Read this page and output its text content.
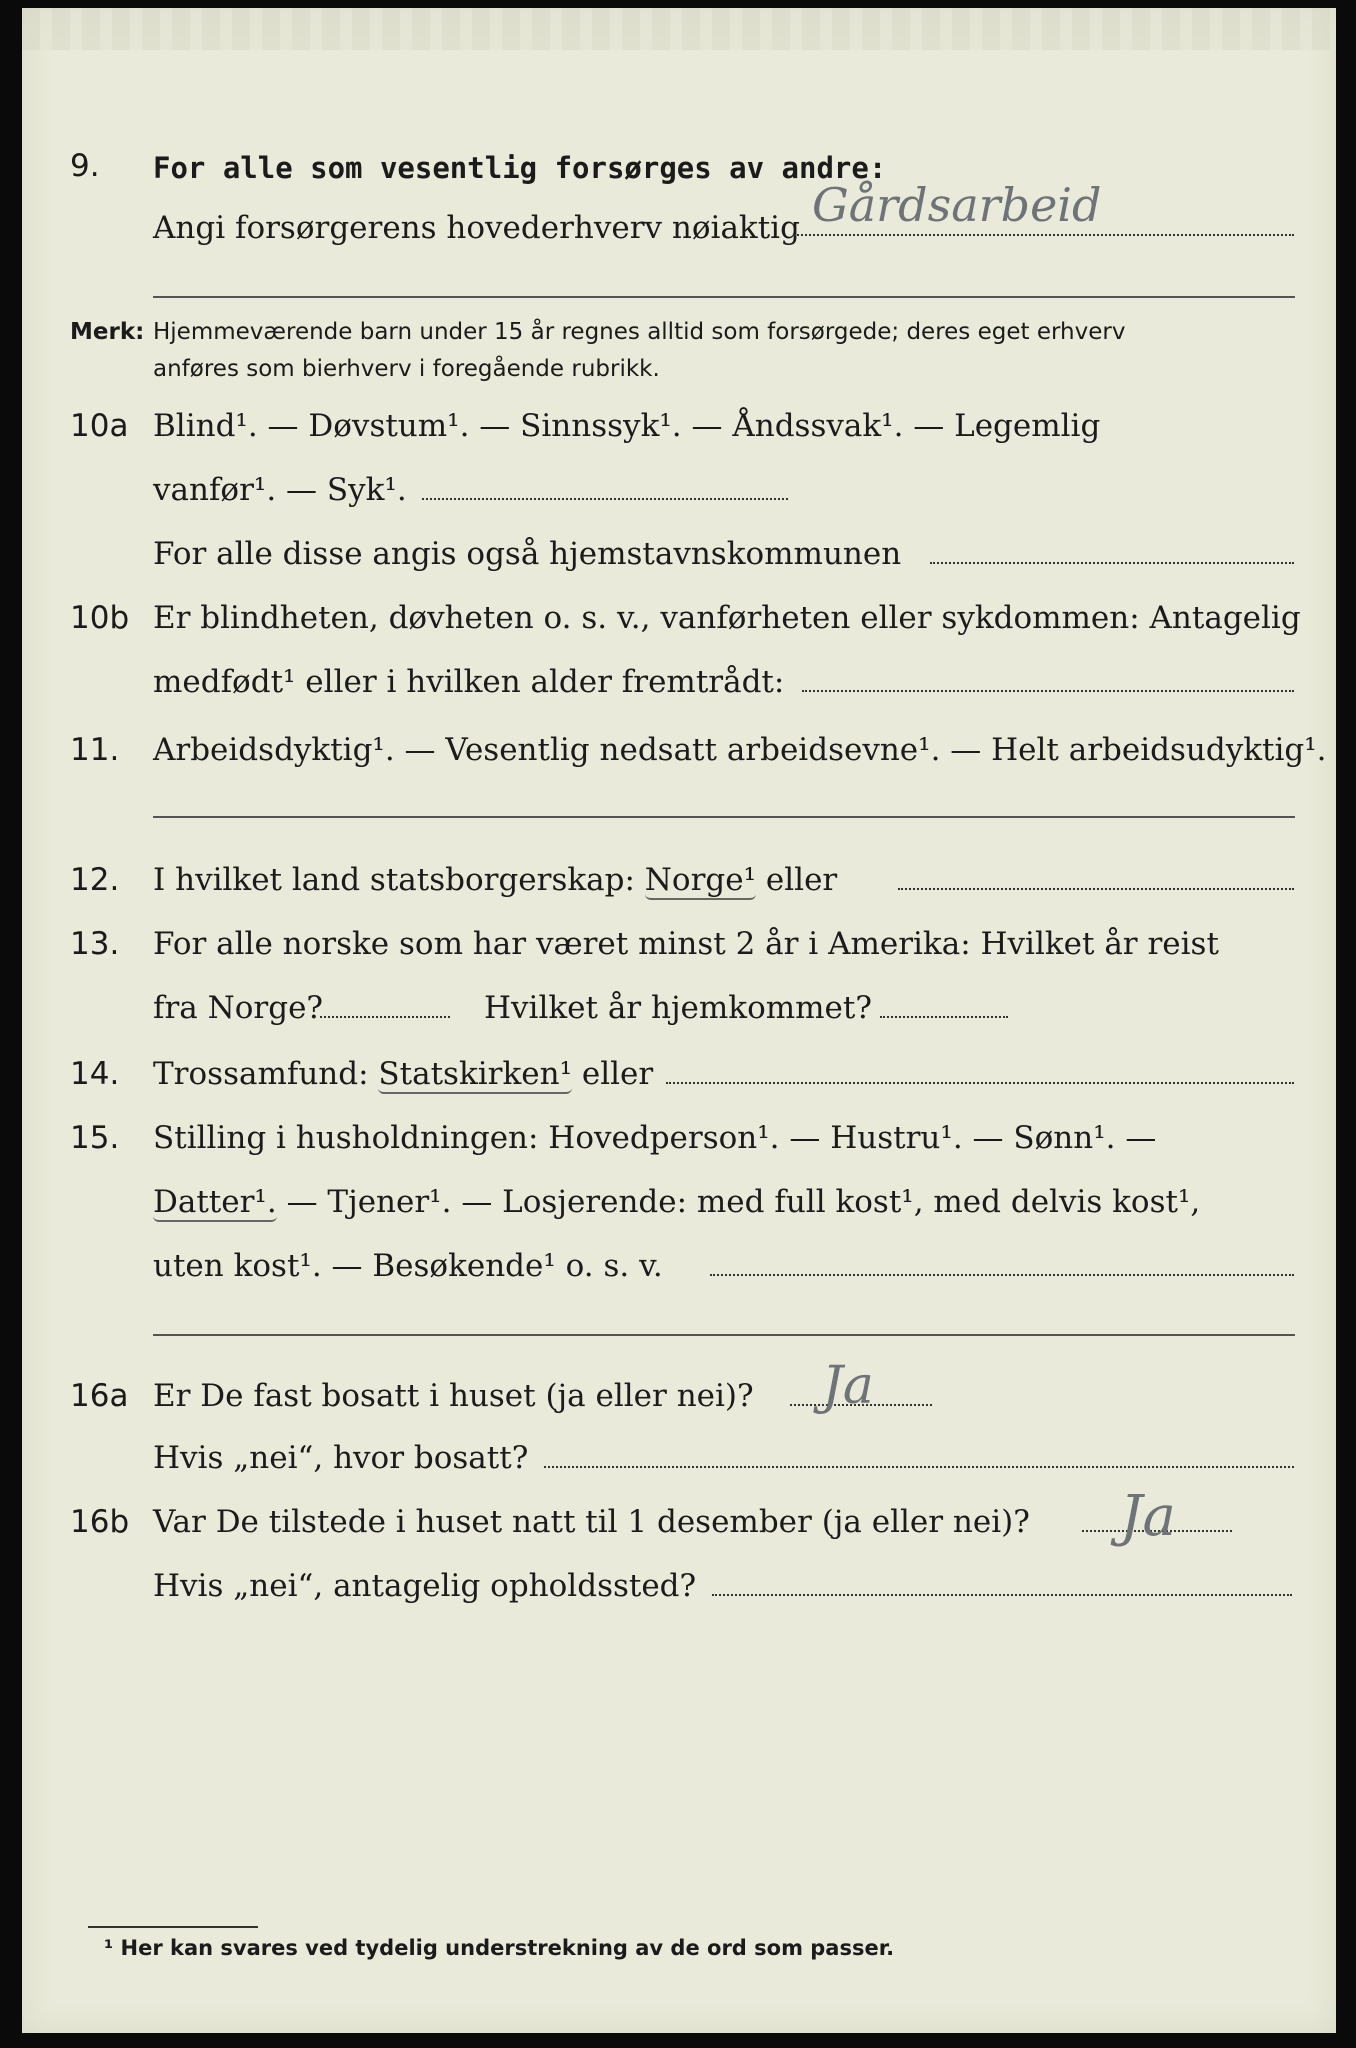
9. For alle som vesentlig forsørges av andre:
Angi forsørgerens hovederhverv nøiaktig Gårdsarbeid
Merk: Hjemmeværende barn under 15 år regnes alltid som forsørgede; deres eget erhverv
anføres som bierhverv i foregående rubrikk.
10a Blind¹. — Døvstum¹. — Sinnssyk¹. — Åndssvak¹. — Legemlig
vanfør¹. — Syk¹.
For alle disse angis også hjemstavnskommunen
10b Er blindheten, døvheten o. s. v., vanførheten eller sykdommen: Antagelig
medfødt¹ eller i hvilken alder fremtrådt:
11. Arbeidsdyktig¹. — Vesentlig nedsatt arbeidsevne¹. — Helt arbeidsudyktig¹.
12. I hvilket land statsborgerskap: Norge¹ eller
13. For alle norske som har været minst 2 år i Amerika: Hvilket år reist
fra Norge?	Hvilket år hjemkommet?
14. Trossamfund: Statskirken¹ eller
15. Stilling i husholdningen: Hovedperson¹. — Hustru¹. — Sønn¹. —
Datter¹. — Tjener¹. — Losjerende: med full kost¹, med delvis kost¹,
uten kost¹. — Besøkende¹ o. s. v.
16a Er De fast bosatt i huset (ja eller nei)? Ja
Hvis „nei“, hvor bosatt?
16b Var De tilstede i huset natt til 1 desember (ja eller nei)? Ja
Hvis „nei“, antagelig opholdssted?
¹ Her kan svares ved tydelig understrekning av de ord som passer.
